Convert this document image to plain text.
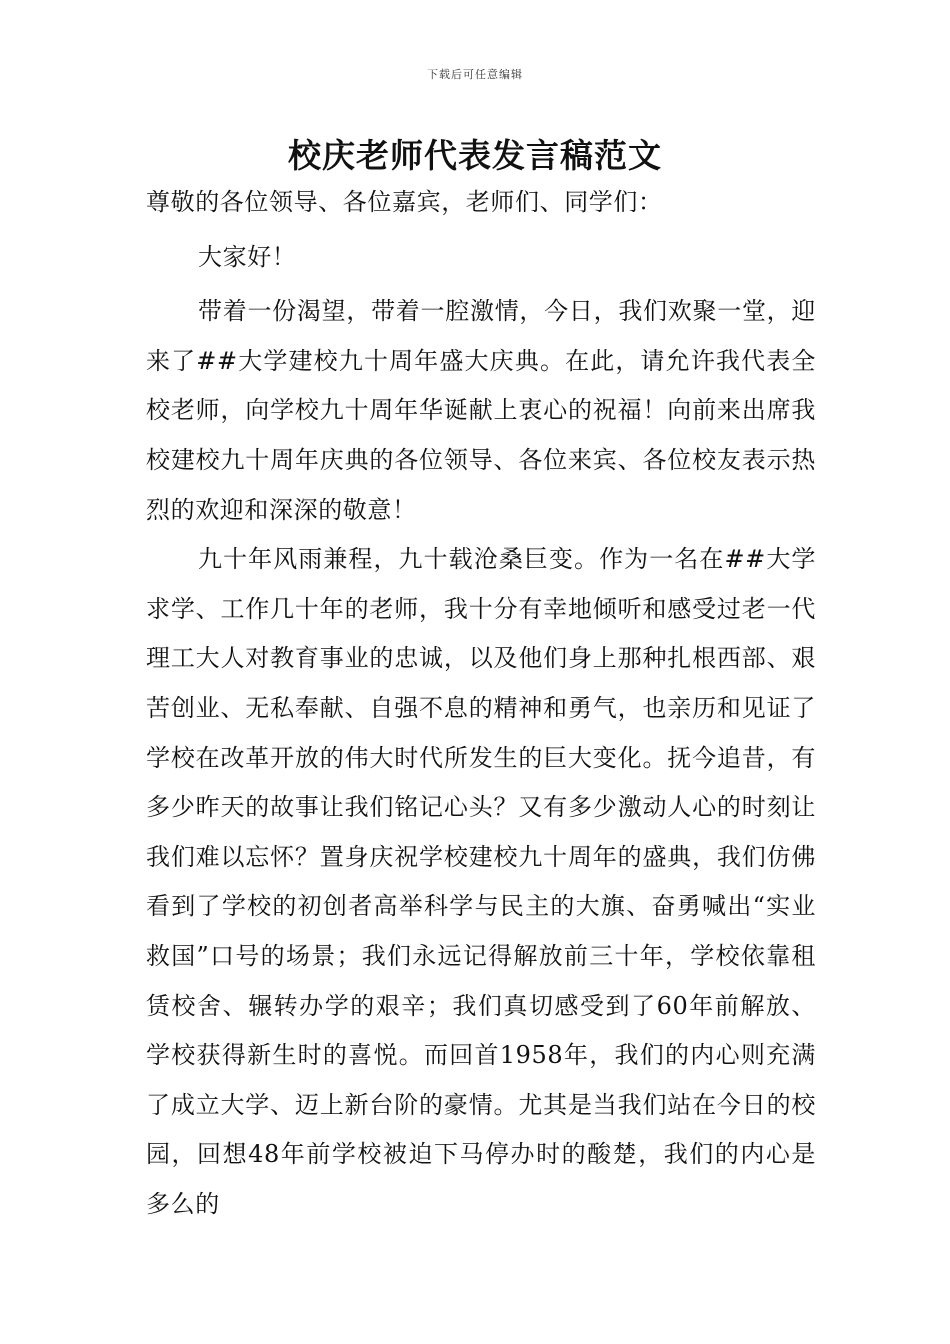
下载后可任意编辑
校庆老师代表发言稿范文

尊敬的各位领导、各位嘉宾，老师们、同学们：

大家好！

带着一份渴望，带着一腔激情，今日，我们欢聚一堂，迎来了##大学建校九十周年盛大庆典。在此，请允许我代表全校老师，向学校九十周年华诞献上衷心的祝福！向前来出席我校建校九十周年庆典的各位领导、各位来宾、各位校友表示热烈的欢迎和深深的敬意！

九十年风雨兼程，九十载沧桑巨变。作为一名在##大学求学、工作几十年的老师，我十分有幸地倾听和感受过老一代理工大人对教育事业的忠诚，以及他们身上那种扎根西部、艰苦创业、无私奉献、自强不息的精神和勇气，也亲历和见证了学校在改革开放的伟大时代所发生的巨大变化。抚今追昔，有多少昨天的故事让我们铭记心头？又有多少激动人心的时刻让我们难以忘怀？置身庆祝学校建校九十周年的盛典，我们仿佛看到了学校的初创者高举科学与民主的大旗、奋勇喊出“实业救国”口号的场景；我们永远记得解放前三十年，学校依靠租赁校舍、辗转办学的艰辛；我们真切感受到了60年前解放、学校获得新生时的喜悦。而回首1958年，我们的内心则充满了成立大学、迈上新台阶的豪情。尤其是当我们站在今日的校园，回想48年前学校被迫下马停办时的酸楚，我们的内心是多么的
